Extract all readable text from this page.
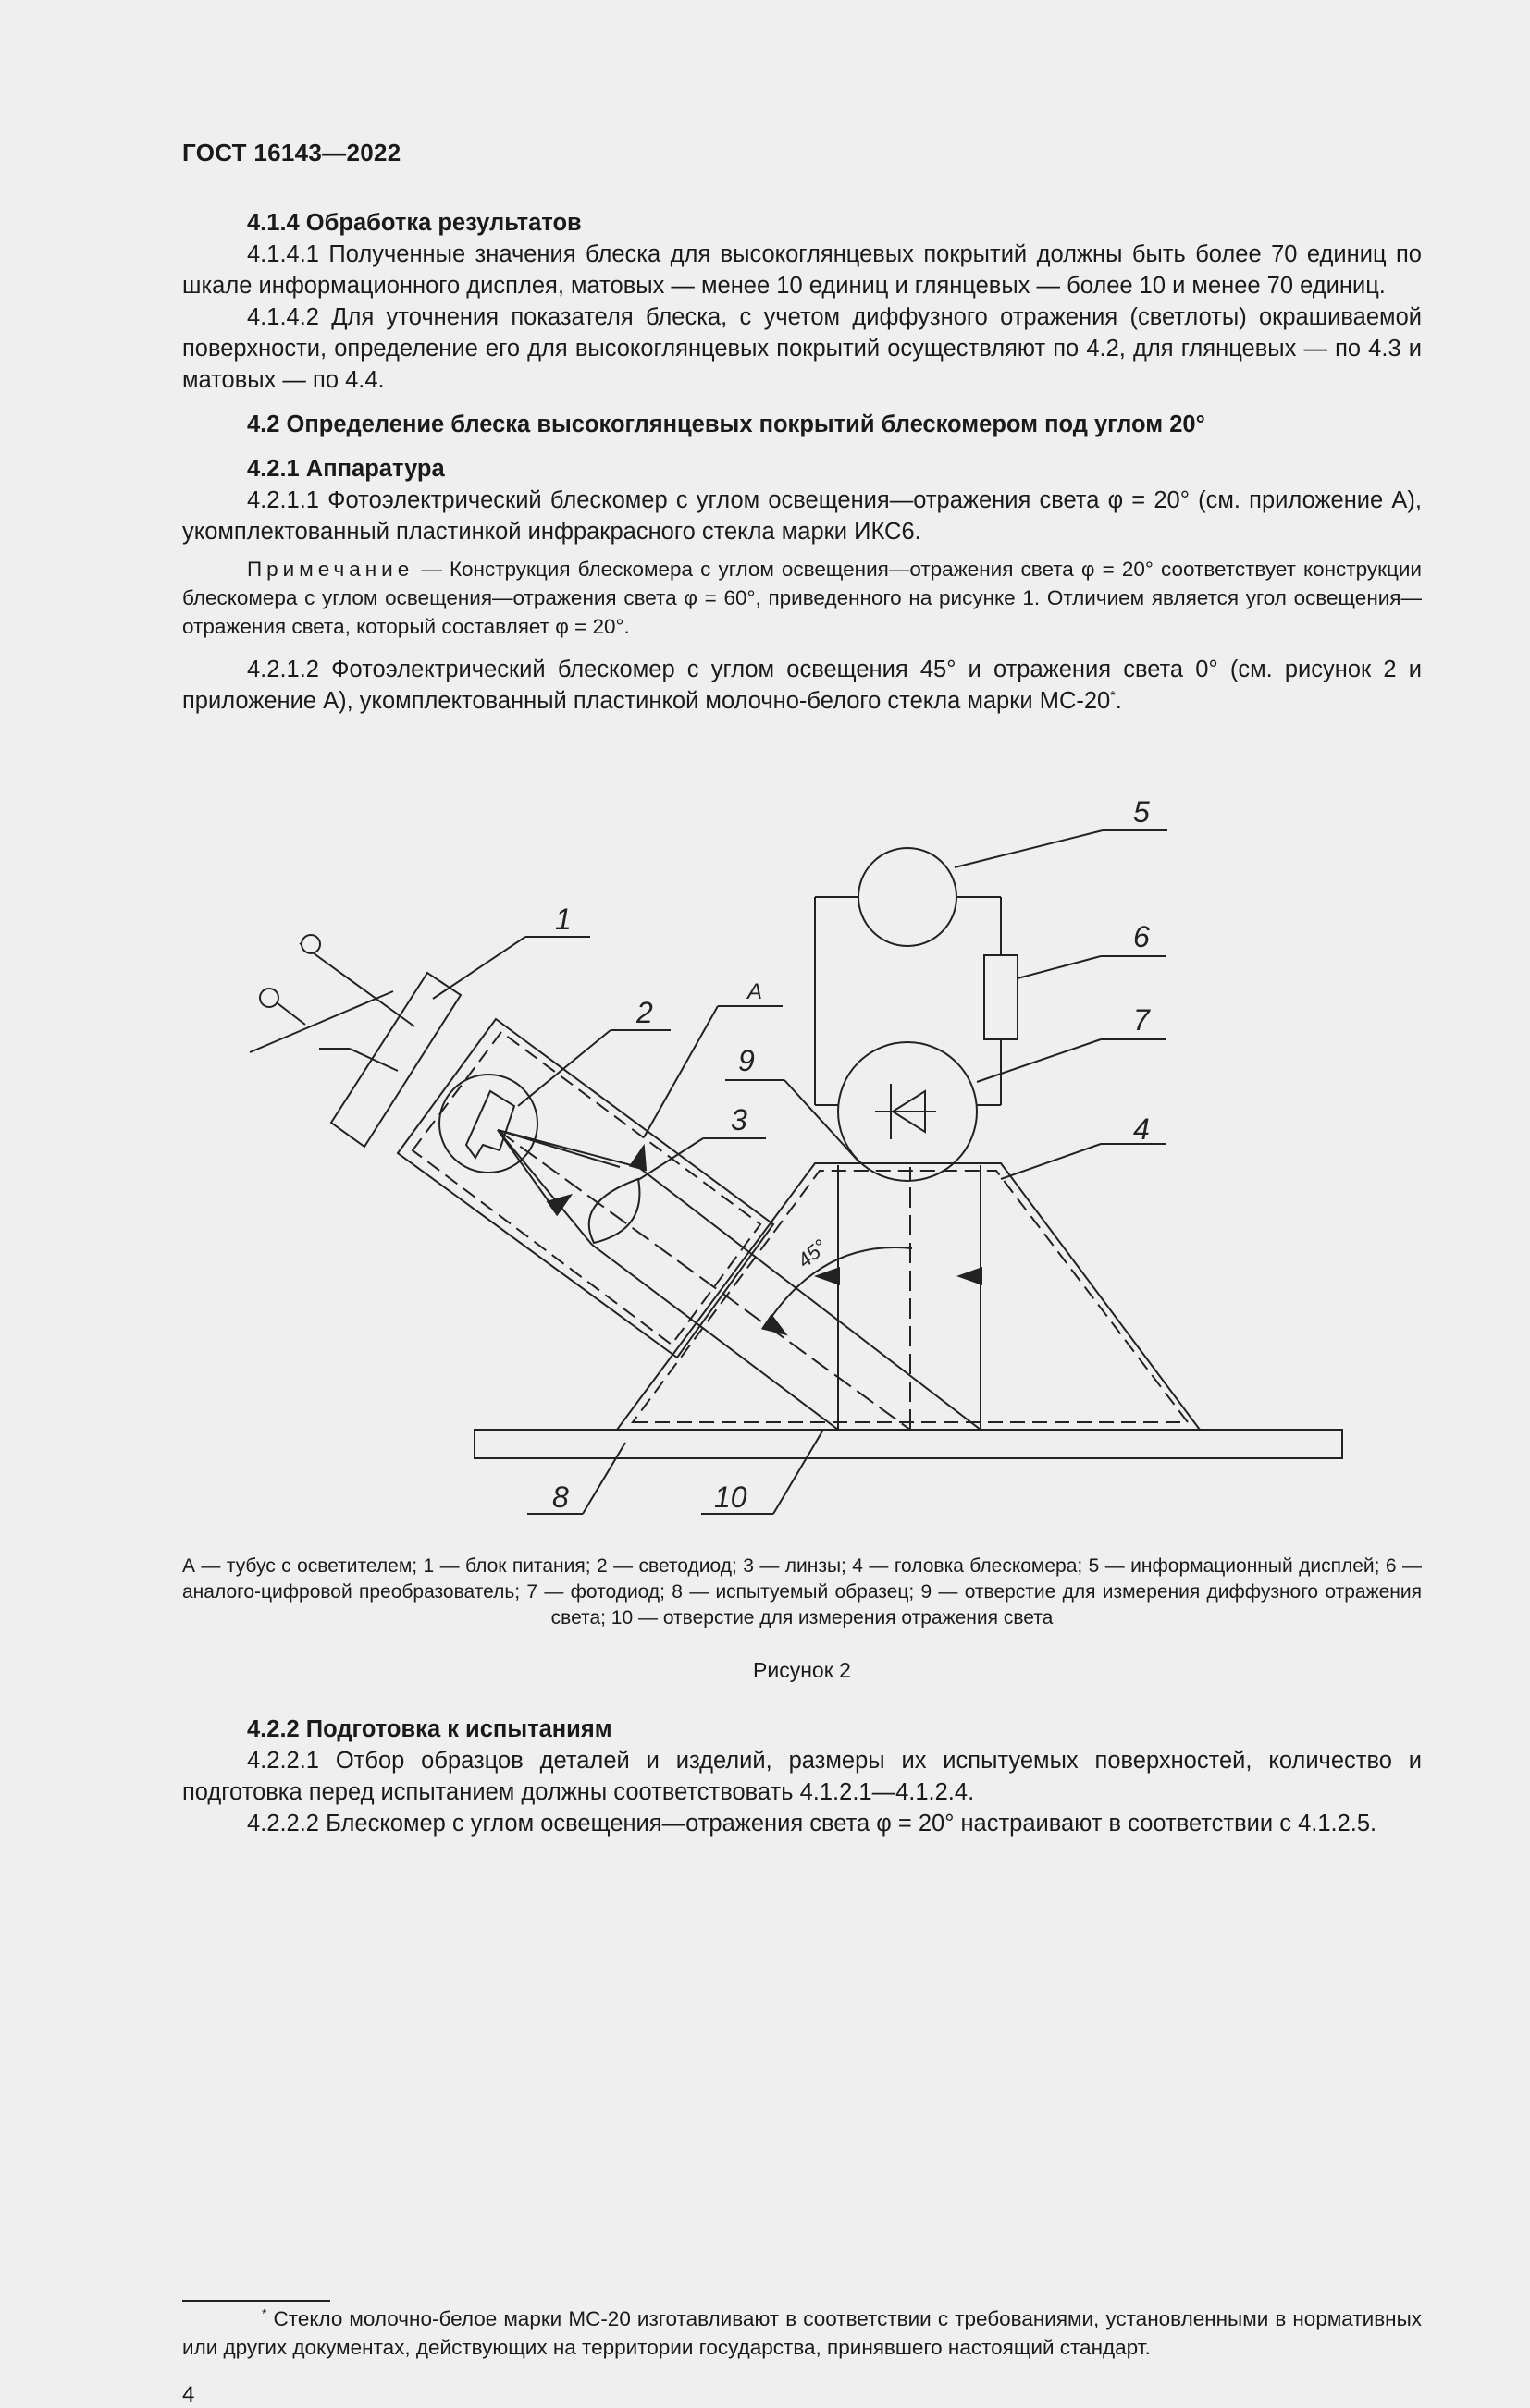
ГОСТ 16143—2022

4.1.4 Обработка результатов

4.1.4.1 Полученные значения блеска для высокоглянцевых покрытий должны быть более 70 единиц по шкале информационного дисплея, матовых — менее 10 единиц и глянцевых — более 10 и менее 70 единиц.

4.1.4.2 Для уточнения показателя блеска, с учетом диффузного отражения (светлоты) окрашиваемой поверхности, определение его для высокоглянцевых покрытий осуществляют по 4.2, для глянцевых — по 4.3 и матовых — по 4.4.

4.2 Определение блеска высокоглянцевых покрытий блескомером под углом 20°

4.2.1 Аппаратура

4.2.1.1 Фотоэлектрический блескомер с углом освещения—отражения света φ = 20° (см. приложение А), укомплектованный пластинкой инфракрасного стекла марки ИКС6.

Примечание — Конструкция блескомера с углом освещения—отражения света φ = 20° соответствует конструкции блескомера с углом освещения—отражения света φ = 60°, приведенного на рисунке 1. Отличием является угол освещения—отражения света, который составляет φ = 20°.

4.2.1.2 Фотоэлектрический блескомер с углом освещения 45° и отражения света 0° (см. рисунок 2 и приложение А), укомплектованный пластинкой молочно-белого стекла марки МС-20*.

1
2
3	4
5
6
7
8
9
10
А
45°
А — тубус с осветителем; 1 — блок питания; 2 — светодиод; 3 — линзы; 4 — головка блескомера; 5 — информационный дисплей; 6 — аналого-цифровой преобразователь; 7 — фотодиод; 8 — испытуемый образец; 9 — отверстие для измерения диффузного отражения света; 10 — отверстие для измерения отражения света
Рисунок 2

4.2.2 Подготовка к испытаниям

4.2.2.1 Отбор образцов деталей и изделий, размеры их испытуемых поверхностей, количество и подготовка перед испытанием должны соответствовать 4.1.2.1—4.1.2.4.

4.2.2.2 Блескомер с углом освещения—отражения света φ = 20° настраивают в соответствии с 4.1.2.5.

* Стекло молочно-белое марки МС-20 изготавливают в соответствии с требованиями, установленными в нормативных или других документах, действующих на территории государства, принявшего настоящий стандарт.
4
